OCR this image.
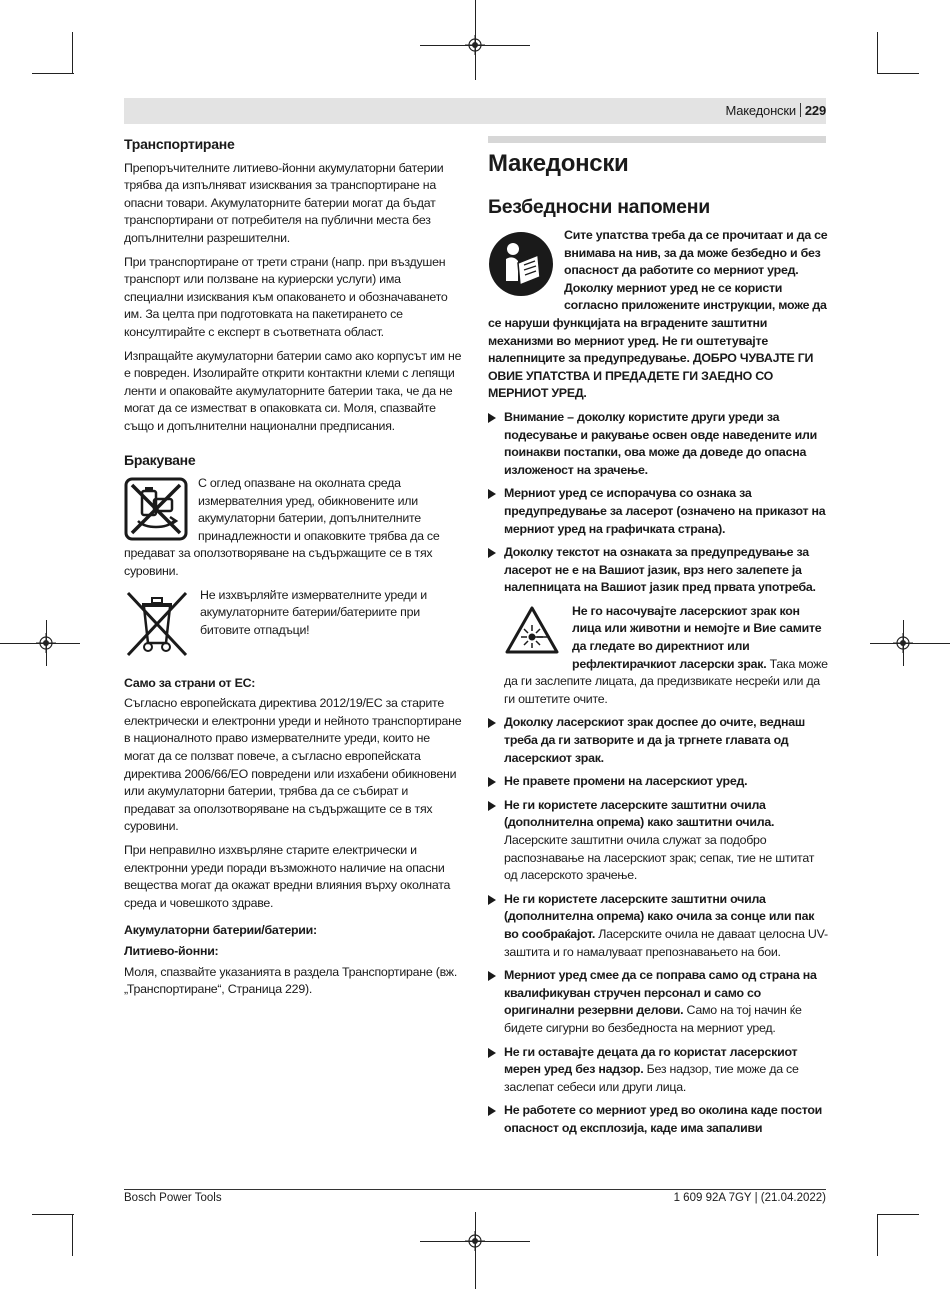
Македонски 229
Транспортиране

Препоръчителните литиево-йонни акумулаторни батерии трябва да изпълняват изисквания за транспортиране на опасни товари. Акумулаторните батерии могат да бъдат транспортирани от потребителя на публични места без допълнителни разрешителни.

При транспортиране от трети страни (напр. при въздушен транспорт или ползване на куриерски услуги) има специални изисквания към опаковането и обозначаването им. За целта при подготовката на пакетирането се консултирайте с експерт в съответната област.

Изпращайте акумулаторни батерии само ако корпусът им не е повреден. Изолирайте открити контактни клеми с лепящи ленти и опаковайте акумулаторните батерии така, че да не могат да се изместват в опаковката си. Моля, спазвайте също и допълнителни национални предписания.

Бракуване
С оглед опазване на околната среда измервателния уред, обикновените или акумулаторни батерии, допълнителните принадлежности и опаковките трябва да се предават за оползотворяване на съдържащите се в тях суровини.
Не изхвърляйте измервателните уреди и акумулаторните батерии/батериите при битовите отпадъци!
Само за страни от ЕС:

Съгласно европейската директива 2012/19/ЕС за старите електрически и електронни уреди и нейното транспортиране в националното право измервателните уреди, които не могат да се ползват повече, а съгласно европейската директива 2006/66/ЕО повредени или изхабени обикновени или акумулаторни батерии, трябва да се събират и предават за оползотворяване на съдържащите се в тях суровини.

При неправилно изхвърляне старите електрически и електронни уреди поради възможното наличие на опасни вещества могат да окажат вредни влияния върху околната среда и човешкото здраве.

Акумулаторни батерии/батерии:
Литиево-йонни:

Моля, спазвайте указанията в раздела Транспортиране (вж. „Транспортиране“, Страница 229).

Македонски
Безбедносни напомени
Сите упатства треба да се прочитаат и да се внимава на нив, за да може безбедно и без опасност да работите со мерниот уред. Доколку мерниот уред не се користи согласно приложените инструкции, може да се наруши функцијата на вградените заштитни механизми во мерниот уред. Не ги оштетувајте налепниците за предупредување. ДОБРО ЧУВАЈТЕ ГИ ОВИЕ УПАТСТВА И ПРЕДАДЕТЕ ГИ ЗАЕДНО СО МЕРНИОТ УРЕД.
Внимание – доколку користите други уреди за подесување и ракување освен овде наведените или поинакви постапки, ова може да доведе до опасна изложеност на зрачење.
Мерниот уред се испорачува со ознака за предупредување за ласерот (означено на приказот на мерниот уред на графичката страна).
Доколку текстот на ознаката за предупредување за ласерот не е на Вашиот јазик, врз него залепете ја налепницата на Вашиот јазик пред првата употреба.
Не го насочувајте ласерскиот зрак кон лица или животни и немојте и Вие самите да гледате во директниот или рефлектирачкиот ласерски зрак. Така може да ги заслепите лицата, да предизвикате несреќи или да ги оштетите очите.
Доколку ласерскиот зрак доспее до очите, веднаш треба да ги затворите и да ја тргнете главата од ласерскиот зрак.
Не правете промени на ласерскиот уред.
Не ги користете ласерските заштитни очила (дополнителна опрема) како заштитни очила. Ласерските заштитни очила служат за подобро распознавање на ласерскиот зрак; сепак, тие не штитат од ласерското зрачење.
Не ги користете ласерските заштитни очила (дополнителна опрема) како очила за сонце или пак во сообраќајот. Ласерските очила не даваат целосна UV-заштита и го намалуваат препознавањето на бои.
Мерниот уред смее да се поправа само од страна на квалификуван стручен персонал и само со оригинални резервни делови. Само на тој начин ќе бидете сигурни во безбедноста на мерниот уред.
Не ги оставајте децата да го користат ласерскиот мерен уред без надзор. Без надзор, тие може да се заслепат себеси или други лица.
Не работете со мерниот уред во околина каде постои опасност од експлозија, каде има запаливи
Bosch Power Tools	1 609 92A 7GY | (21.04.2022)
